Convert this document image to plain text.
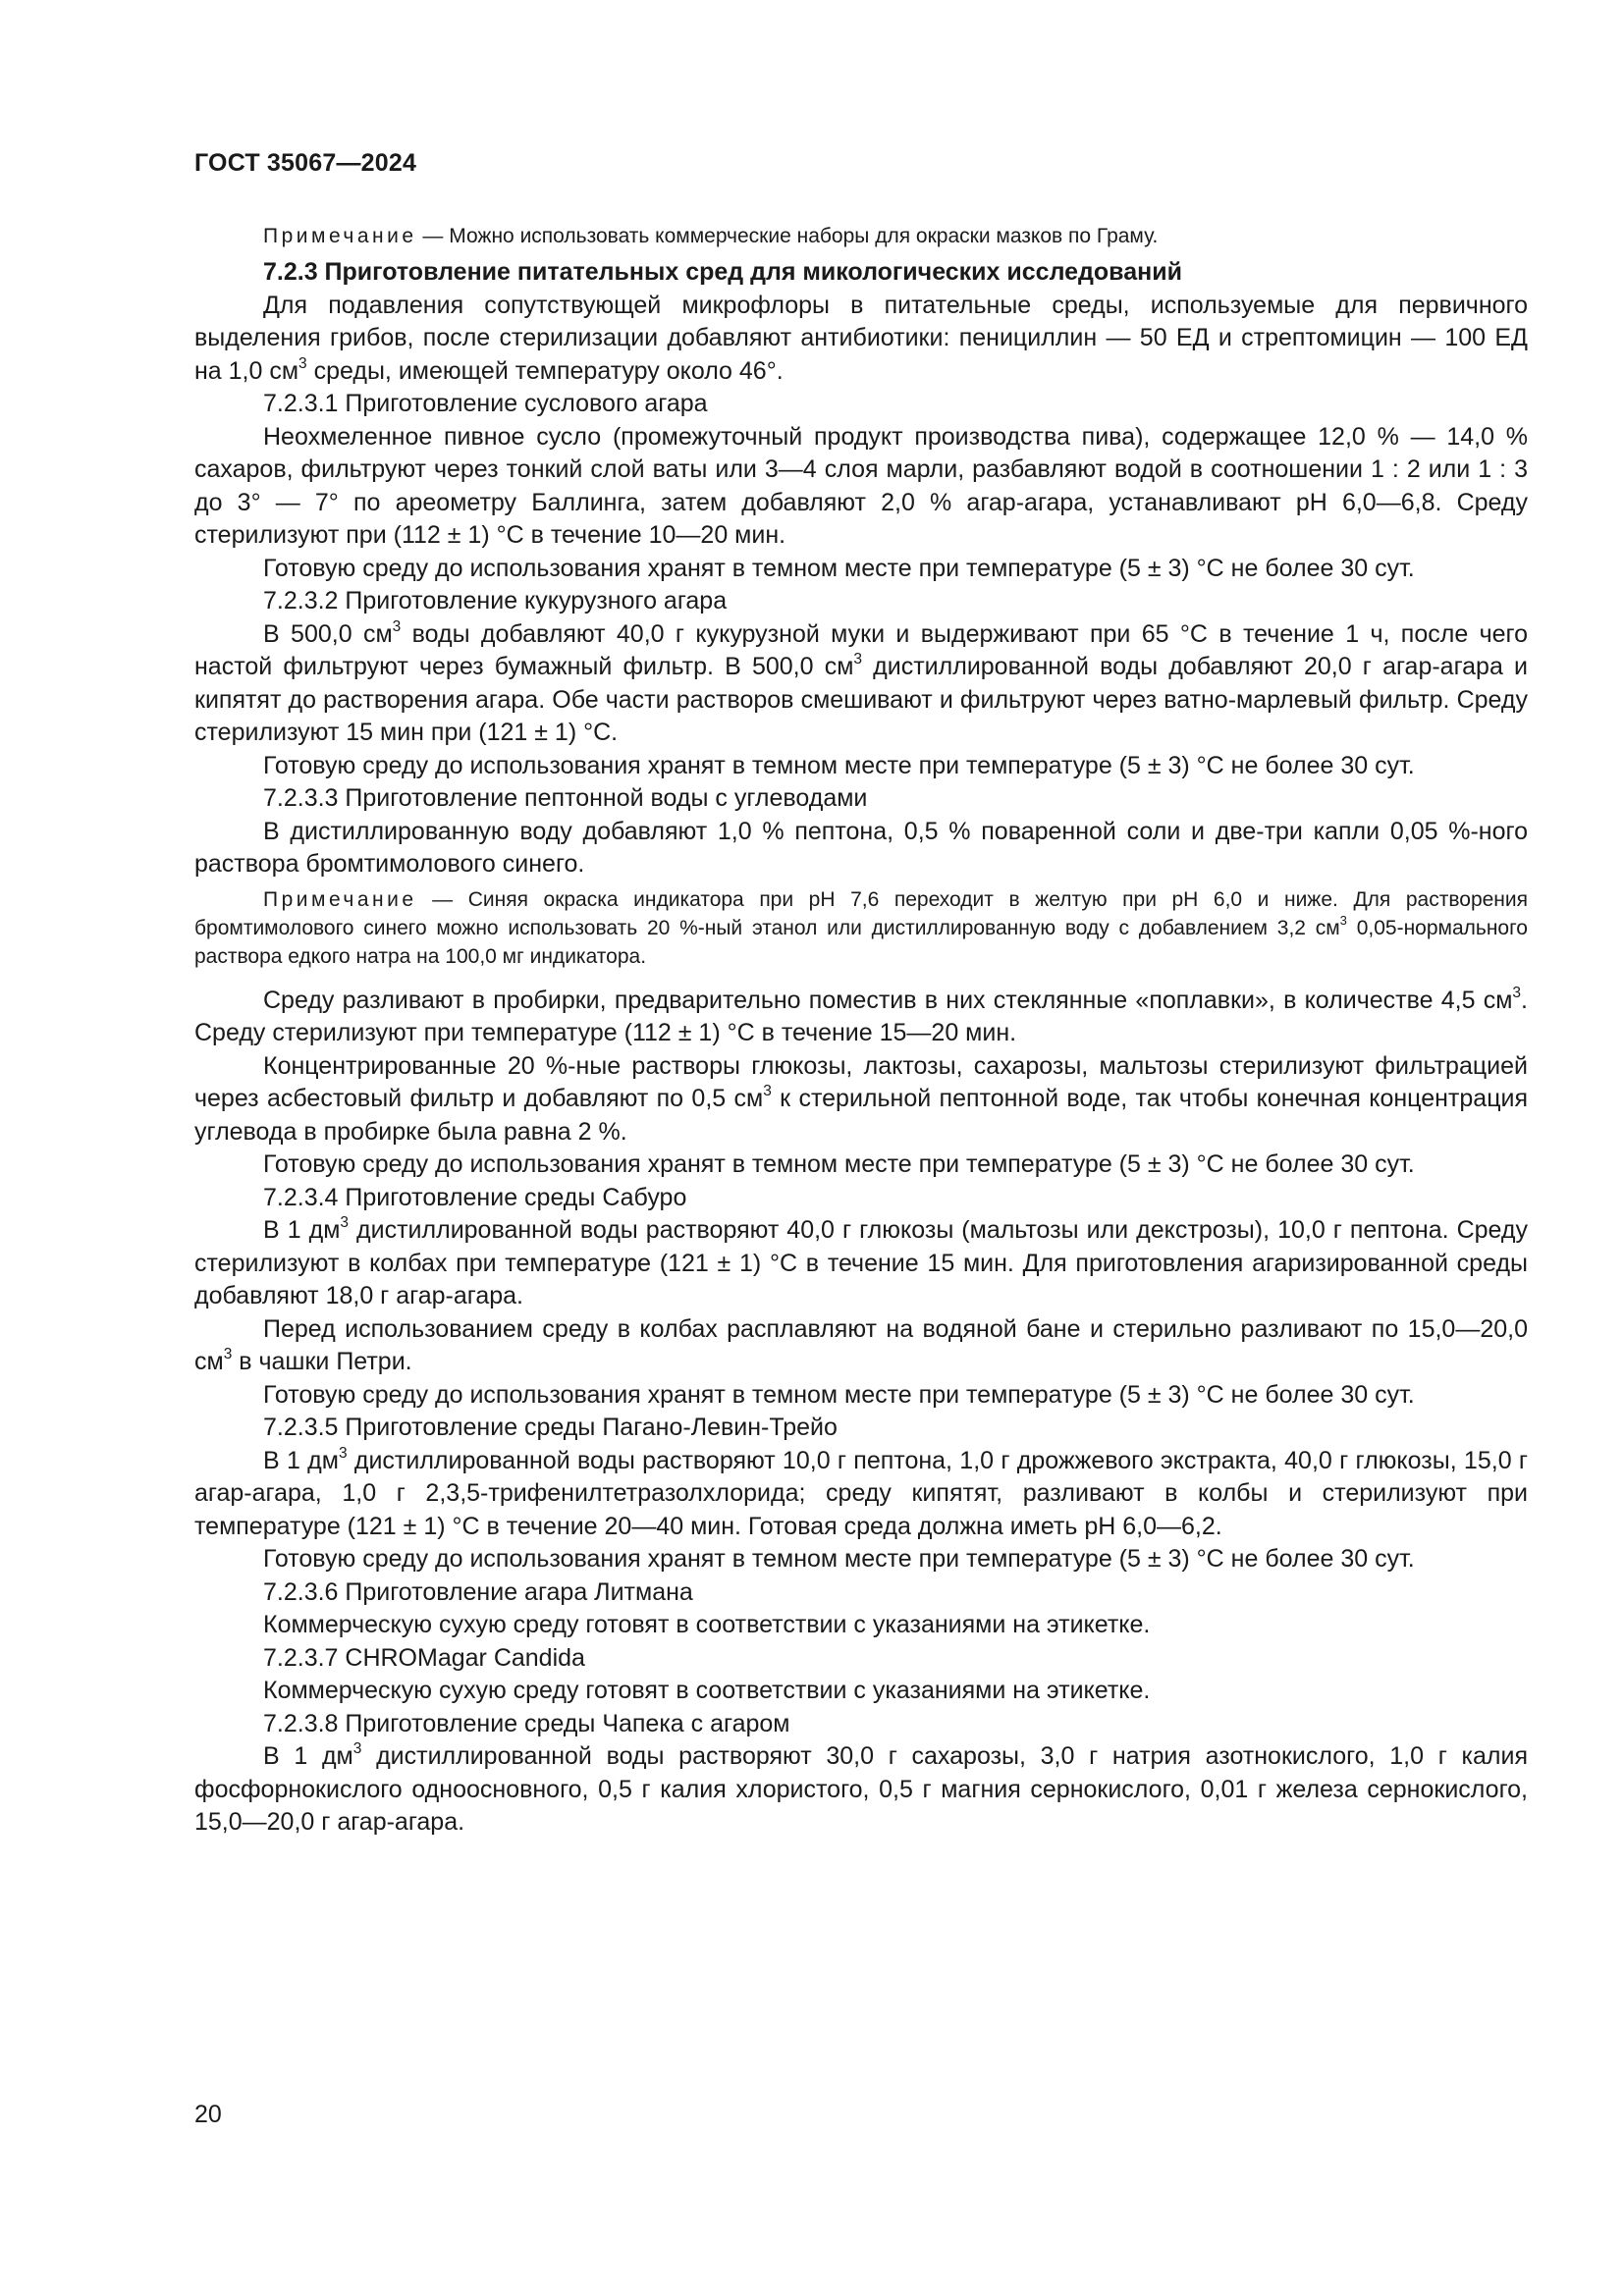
ГОСТ 35067—2024

Примечание — Можно использовать коммерческие наборы для окраски мазков по Граму.

7.2.3 Приготовление питательных сред для микологических исследований

Для подавления сопутствующей микрофлоры в питательные среды, используемые для первичного выделения грибов, после стерилизации добавляют антибиотики: пенициллин — 50 ЕД и стрептомицин — 100 ЕД на 1,0 $см^3$ среды, имеющей температуру около 46°.

7.2.3.1 Приготовление суслового агара

Неохмеленное пивное сусло (промежуточный продукт производства пива), содержащее 12,0 % — 14,0 % сахаров, фильтруют через тонкий слой ваты или 3—4 слоя марли, разбавляют водой в соотношении 1 : 2 или 1 : 3 до 3° — 7° по ареометру Баллинга, затем добавляют 2,0 % агар-агара, устанавливают pH 6,0—6,8. Среду стерилизуют при (112 ± 1) °С в течение 10—20 мин.

Готовую среду до использования хранят в темном месте при температуре (5 ± 3) °С не более 30 сут.

7.2.3.2 Приготовление кукурузного агара

В 500,0 $см^3$ воды добавляют 40,0 г кукурузной муки и выдерживают при 65 °С в течение 1 ч, после чего настой фильтруют через бумажный фильтр. В 500,0 $см^3$ дистиллированной воды добавляют 20,0 г агар-агара и кипятят до растворения агара. Обе части растворов смешивают и фильтруют через ватно-марлевый фильтр. Среду стерилизуют 15 мин при (121 ± 1) °С.

Готовую среду до использования хранят в темном месте при температуре (5 ± 3) °С не более 30 сут.

7.2.3.3 Приготовление пептонной воды с углеводами

В дистиллированную воду добавляют 1,0 % пептона, 0,5 % поваренной соли и две-три капли 0,05 %-ного раствора бромтимолового синего.

Примечание — Синяя окраска индикатора при pH 7,6 переходит в желтую при pH 6,0 и ниже. Для растворения бромтимолового синего можно использовать 20 %-ный этанол или дистиллированную воду с добавлением 3,2 $см^3$ 0,05-нормального раствора едкого натра на 100,0 мг индикатора.

Среду разливают в пробирки, предварительно поместив в них стеклянные «поплавки», в количестве 4,5 $см^3$. Среду стерилизуют при температуре (112 ± 1) °С в течение 15—20 мин.

Концентрированные 20 %-ные растворы глюкозы, лактозы, сахарозы, мальтозы стерилизуют фильтрацией через асбестовый фильтр и добавляют по 0,5 $см^3$ к стерильной пептонной воде, так чтобы конечная концентрация углевода в пробирке была равна 2 %.

Готовую среду до использования хранят в темном месте при температуре (5 ± 3) °С не более 30 сут.

7.2.3.4 Приготовление среды Сабуро

В 1 $дм^3$ дистиллированной воды растворяют 40,0 г глюкозы (мальтозы или декстрозы), 10,0 г пептона. Среду стерилизуют в колбах при температуре (121 ± 1) °С в течение 15 мин. Для приготовления агаризированной среды добавляют 18,0 г агар-агара.

Перед использованием среду в колбах расплавляют на водяной бане и стерильно разливают по 15,0—20,0 $см^3$ в чашки Петри.

Готовую среду до использования хранят в темном месте при температуре (5 ± 3) °С не более 30 сут.

7.2.3.5 Приготовление среды Пагано-Левин-Трейо

В 1 $дм^3$ дистиллированной воды растворяют 10,0 г пептона, 1,0 г дрожжевого экстракта, 40,0 г глюкозы, 15,0 г агар-агара, 1,0 г 2,3,5-трифенилтетразолхлорида; среду кипятят, разливают в колбы и стерилизуют при температуре (121 ± 1) °С в течение 20—40 мин. Готовая среда должна иметь pH 6,0—6,2.

Готовую среду до использования хранят в темном месте при температуре (5 ± 3) °С не более 30 сут.

7.2.3.6 Приготовление агара Литмана

Коммерческую сухую среду готовят в соответствии с указаниями на этикетке.

7.2.3.7 CHROMagar Candida

Коммерческую сухую среду готовят в соответствии с указаниями на этикетке.

7.2.3.8 Приготовление среды Чапека с агаром

В 1 $дм^3$ дистиллированной воды растворяют 30,0 г сахарозы, 3,0 г натрия азотнокислого, 1,0 г калия фосфорнокислого одноосновного, 0,5 г калия хлористого, 0,5 г магния сернокислого, 0,01 г железа сернокислого, 15,0—20,0 г агар-агара.

20
